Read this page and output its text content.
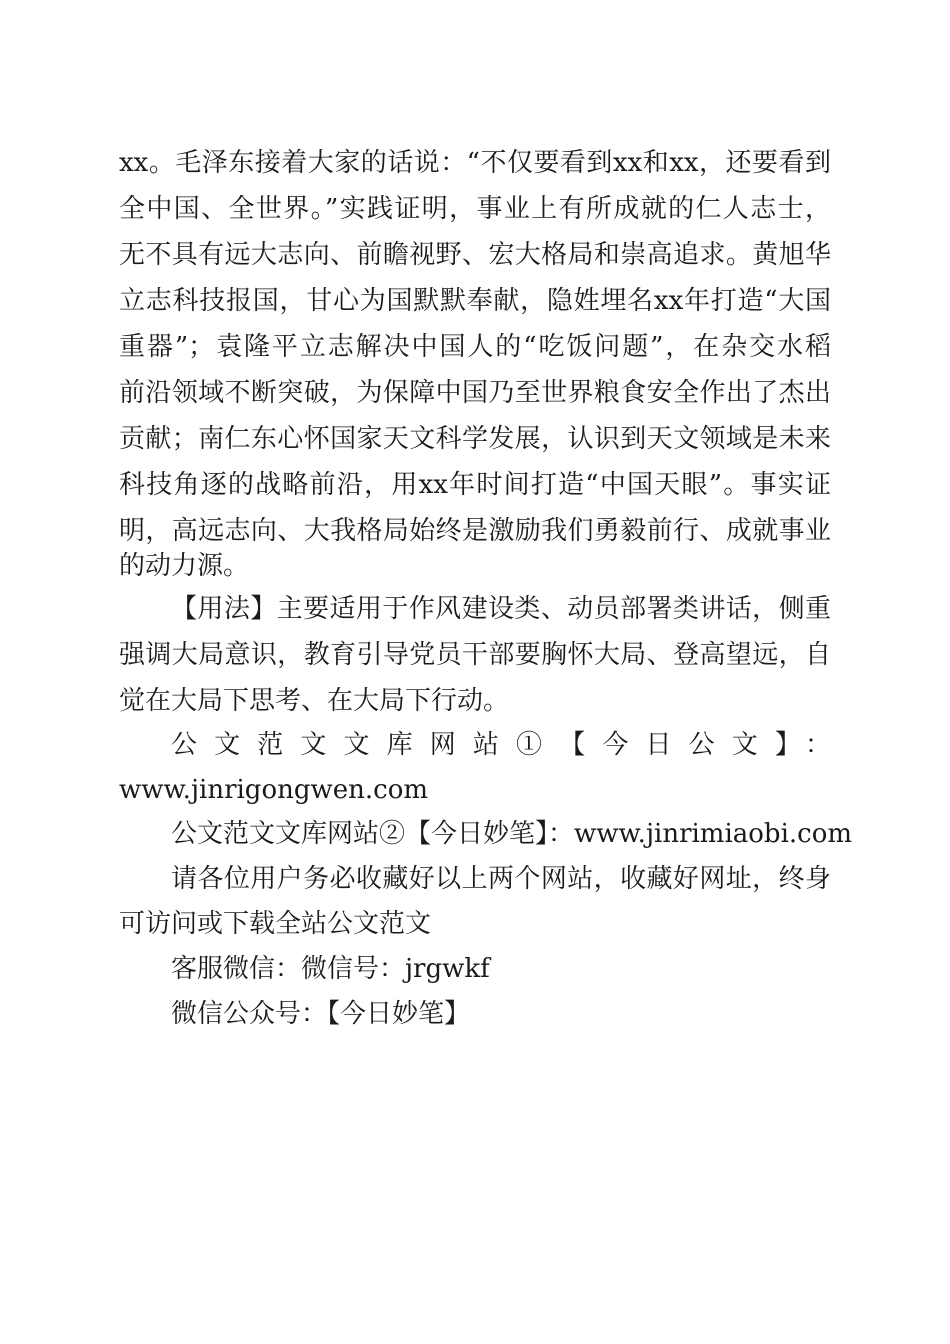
xx。毛泽东接着大家的话说：“不仅要看到xx和xx，还要看到
全中国、全世界。”实践证明，事业上有所成就的仁人志士，
无不具有远大志向、前瞻视野、宏大格局和崇高追求。黄旭华
立志科技报国，甘心为国默默奉献，隐姓埋名xx年打造“大国
重器”；袁隆平立志解决中国人的“吃饭问题”，在杂交水稻
前沿领域不断突破，为保障中国乃至世界粮食安全作出了杰出
贡献；南仁东心怀国家天文科学发展，认识到天文领域是未来
科技角逐的战略前沿，用xx年时间打造“中国天眼”。事实证
明，高远志向、大我格局始终是激励我们勇毅前行、成就事业
的动力源。
【用法】主要适用于作风建设类、动员部署类讲话，侧重
强调大局意识，教育引导党员干部要胸怀大局、登高望远，自
觉在大局下思考、在大局下行动。
公文范文文库网站①【今日公文】：
www.jinrigongwen.com
公文范文文库网站②【今日妙笔】：www.jinrimiaobi.com
请各位用户务必收藏好以上两个网站，收藏好网址，终身
可访问或下载全站公文范文
客服微信：微信号：jrgwkf
微信公众号：【今日妙笔】
